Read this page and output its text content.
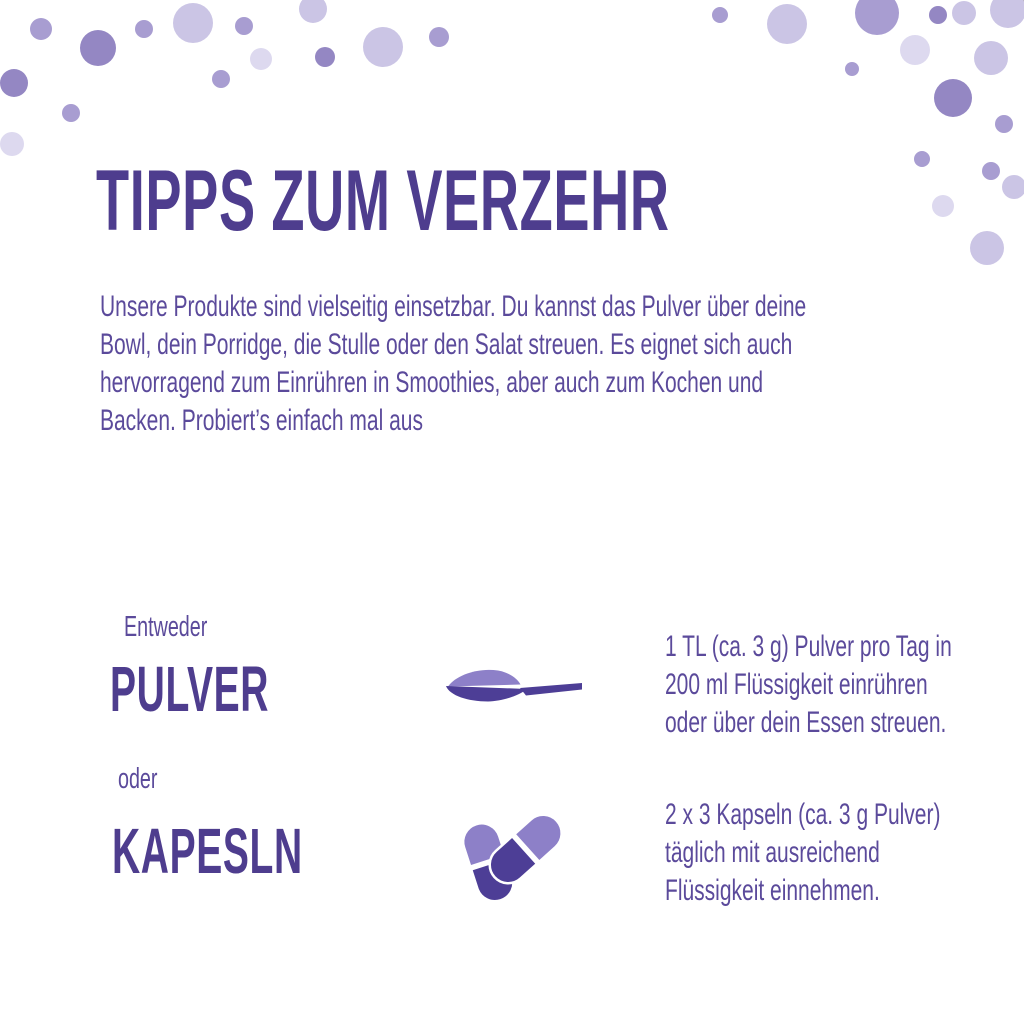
TIPPS ZUM VERZEHR
Unsere Produkte sind vielseitig einsetzbar. Du kannst das Pulver über deine
Bowl, dein Porridge, die Stulle oder den Salat streuen. Es eignet sich auch
hervorragend zum Einrühren in Smoothies, aber auch zum Kochen und
Backen. Probiert’s einfach mal aus
Entweder
PULVER
1 TL (ca. 3 g) Pulver pro Tag in
200 ml Flüssigkeit einrühren
oder über dein Essen streuen.
oder
KAPESLN
2 x 3 Kapseln (ca. 3 g Pulver)
täglich mit ausreichend
Flüssigkeit einnehmen.
